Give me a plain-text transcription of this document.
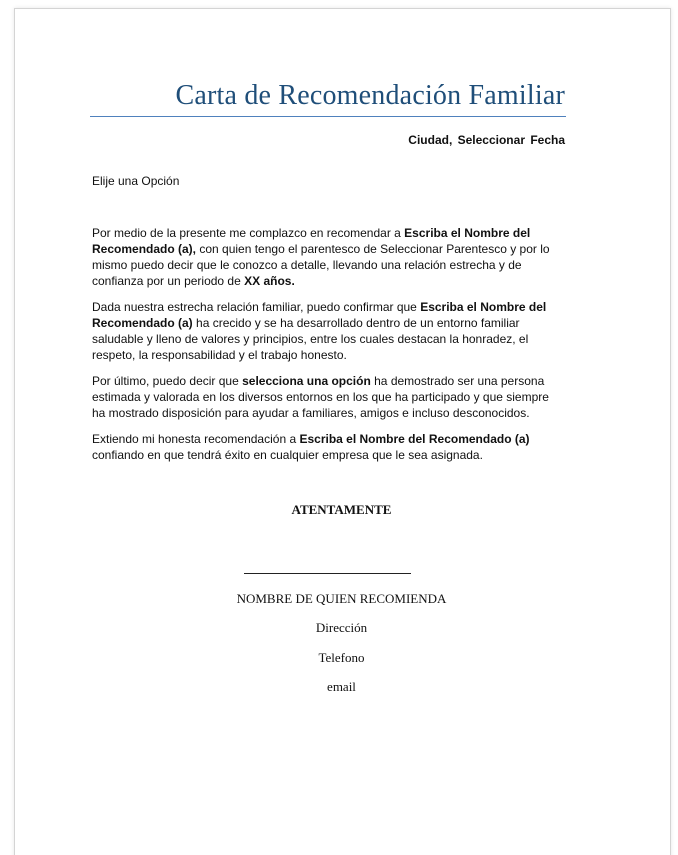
Carta de Recomendación Familiar
Ciudad, Seleccionar Fecha
Elije una Opción

Por medio de la presente me complazco en recomendar a Escriba el Nombre del Recomendado (a), con quien tengo el parentesco de Seleccionar Parentesco y por lo mismo puedo decir que le conozco a detalle, llevando una relación estrecha y de confianza por un periodo de XX años.

Dada nuestra estrecha relación familiar, puedo confirmar que Escriba el Nombre del Recomendado (a) ha crecido y se ha desarrollado dentro de un entorno familiar saludable y lleno de valores y principios, entre los cuales destacan la honradez, el respeto, la responsabilidad y el trabajo honesto.

Por último, puedo decir que selecciona una opción ha demostrado ser una persona estimada y valorada en los diversos entornos en los que ha participado y que siempre ha mostrado disposición para ayudar a familiares, amigos e incluso desconocidos.

Extiendo mi honesta recomendación a Escriba el Nombre del Recomendado (a) confiando en que tendrá éxito en cualquier empresa que le sea asignada.

ATENTAMENTE
NOMBRE DE QUIEN RECOMIENDA
Dirección
Telefono
email
